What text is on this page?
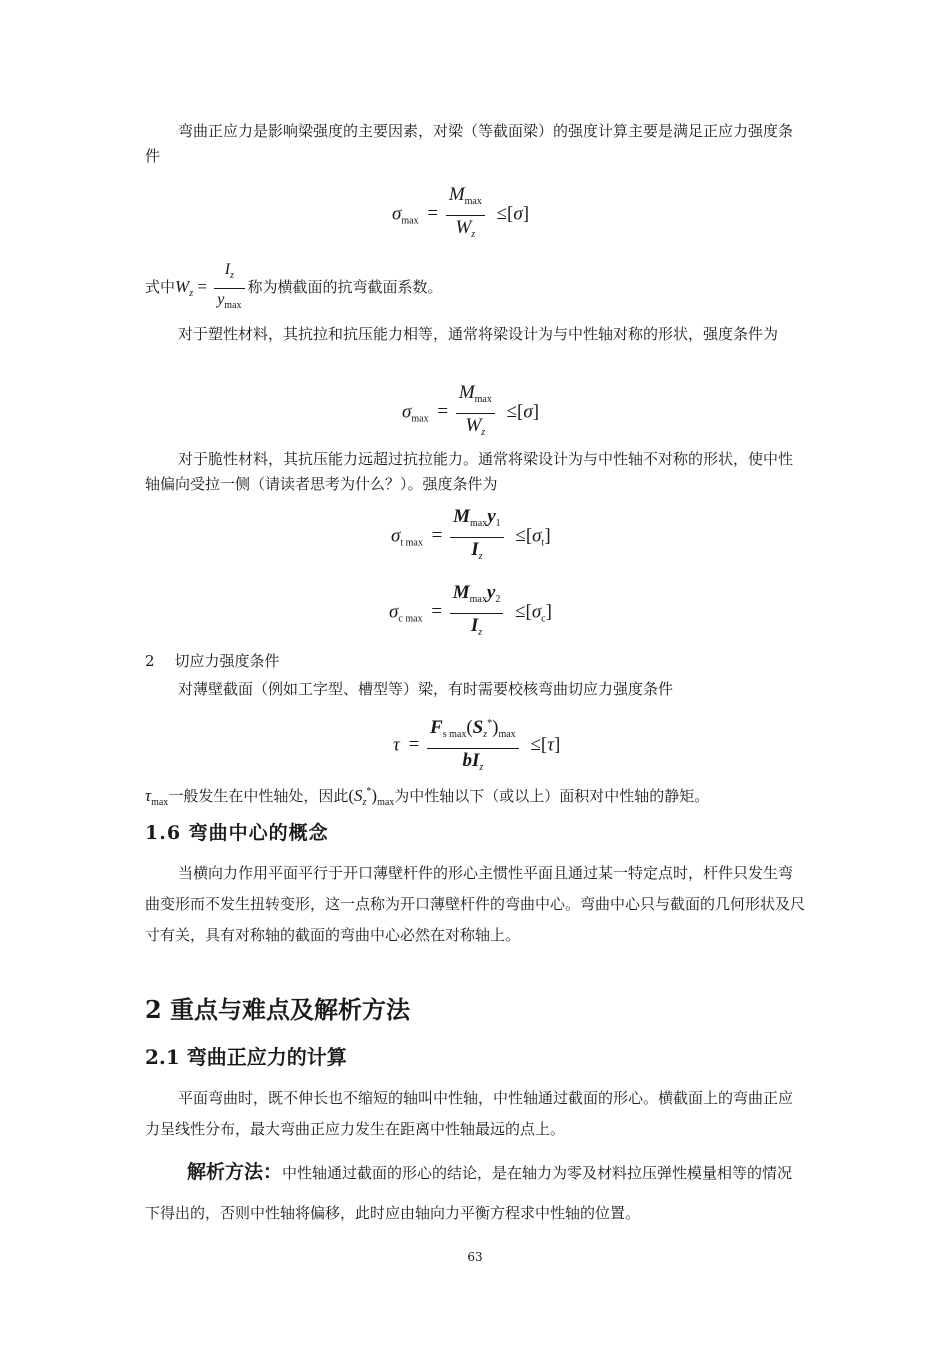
弯曲正应力是影响梁强度的主要因素，对梁（等截面梁）的强度计算主要是满足正应力强度条件
$\sigma_{max} = \frac{M_{max}}{W_z} \le[\sigma]$
式中$W_z = \frac{I_z}{y_{max}}$ 称为横截面的抗弯截面系数。
对于塑性材料，其抗拉和抗压能力相等，通常将梁设计为与中性轴对称的形状，强度条件为
$\sigma_{max} = \frac{M_{max}}{W_z} \le[\sigma]$
对于脆性材料，其抗压能力远超过抗拉能力。通常将梁设计为与中性轴不对称的形状，使中性轴偏向受拉一侧（请读者思考为什么？）。强度条件为
$\sigma_{t max} = \frac{M_{max}y_1}{I_z} \le[\sigma_t]$
$\sigma_{c max} = \frac{M_{max}y_2}{I_z} \le[\sigma_c]$
2 切应力强度条件
对薄壁截面（例如工字型、槽型等）梁，有时需要校核弯曲切应力强度条件
$\tau = \frac{F_{s max}(S_z^*)_{max}}{bI_z} \le[\tau]$
$\tau_{max}$一般发生在中性轴处，因此$(S_z^*)_{max}$为中性轴以下（或以上）面积对中性轴的静矩。
1.6 弯曲中心的概念
当横向力作用平面平行于开口薄壁杆件的形心主惯性平面且通过某一特定点时，杆件只发生弯曲变形而不发生扭转变形，这一点称为开口薄壁杆件的弯曲中心。弯曲中心只与截面的几何形状及尺寸有关，具有对称轴的截面的弯曲中心必然在对称轴上。
2 重点与难点及解析方法
2.1 弯曲正应力的计算
平面弯曲时，既不伸长也不缩短的轴叫中性轴，中性轴通过截面的形心。横截面上的弯曲正应力呈线性分布，最大弯曲正应力发生在距离中性轴最远的点上。
解析方法：中性轴通过截面的形心的结论，是在轴力为零及材料拉压弹性模量相等的情况下得出的，否则中性轴将偏移，此时应由轴向力平衡方程求中性轴的位置。
63
